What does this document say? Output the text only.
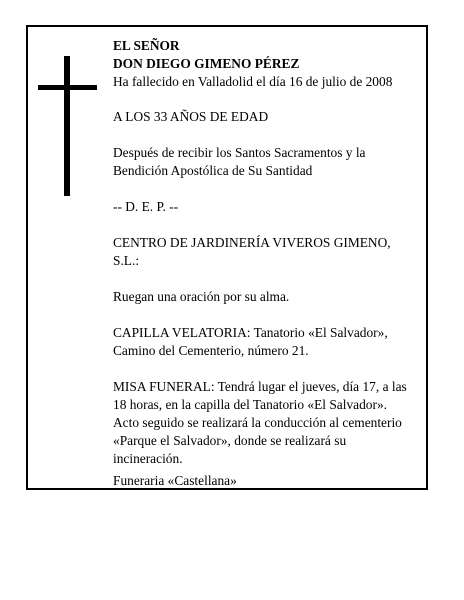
EL SEÑOR

DON DIEGO GIMENO PÉREZ

Ha fallecido en Valladolid el día 16 de julio de 2008

A LOS 33 AÑOS DE EDAD

Después de recibir los Santos Sacramentos y la Bendición Apostólica de Su Santidad

-- D. E. P. --

CENTRO DE JARDINERÍA VIVEROS GIMENO, S.L.:

Ruegan una oración por su alma.

CAPILLA VELATORIA: Tanatorio «El Salvador», Camino del Cementerio, número 21.

MISA FUNERAL: Tendrá lugar el jueves, día 17, a las 18 horas, en la capilla del Tanatorio «El Salvador». Acto seguido se realizará la conducción al cementerio «Parque el Salvador», donde se realizará su incineración.

Funeraria «Castellana»
